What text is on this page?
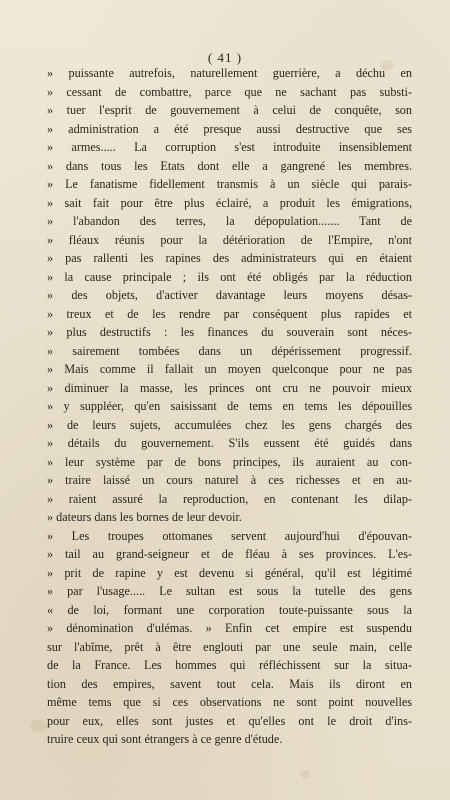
( 41 )
» puissante autrefois, naturellement guerrière, a déchu en
» cessant de combattre, parce que ne sachant pas substi-
» tuer l'esprit de gouvernement à celui de conquête, son
» administration a été presque aussi destructive que ses
» armes..... La corruption s'est introduite insensiblement
» dans tous les Etats dont elle a gangrené les membres.
» Le fanatisme fidellement transmis à un siècle qui parais-
» sait fait pour être plus éclairé, a produit les émigrations,
» l'abandon des terres, la dépopulation....... Tant de
» fléaux réunis pour la détérioration de l'Empire, n'ont
» pas rallenti les rapines des administrateurs qui en étaient
» la cause principale ; ils ont été obligés par la réduction
» des objets, d'activer davantage leurs moyens désas-
» treux et de les rendre par conséquent plus rapides et
» plus destructifs : les finances du souverain sont néces-
» sairement tombées dans un dépérissement progressif.
» Mais comme il fallait un moyen quelconque pour ne pas
» diminuer la masse, les princes ont cru ne pouvoir mieux
» y suppléer, qu'en saisissant de tems en tems les dépouilles
» de leurs sujets, accumulées chez les gens chargés des
» détails du gouvernement. S'ils eussent été guidés dans
» leur système par de bons principes, ils auraient au con-
» traire laissé un cours naturel à ces richesses et en au-
» raient assuré la reproduction, en contenant les dilap-
» dateurs dans les bornes de leur devoir.
» Les troupes ottomanes servent aujourd'hui d'épouvan-
» tail au grand-seigneur et de fléau à ses provinces. L'es-
» prit de rapine y est devenu si général, qu'il est légitimé
» par l'usage..... Le sultan est sous la tutelle des gens
« de loi, formant une corporation toute-puissante sous la
» dénomination d'ulémas. » Enfin cet empire est suspendu
sur l'abîme, prêt à être englouti par une seule main, celle
de la France. Les hommes qui réfléchissent sur la situa-
tion des empires, savent tout cela. Mais ils diront en
même tems que si ces observations ne sont point nouvelles
pour eux, elles sont justes et qu'elles ont le droit d'ins-
truire ceux qui sont étrangers à ce genre d'étude.
